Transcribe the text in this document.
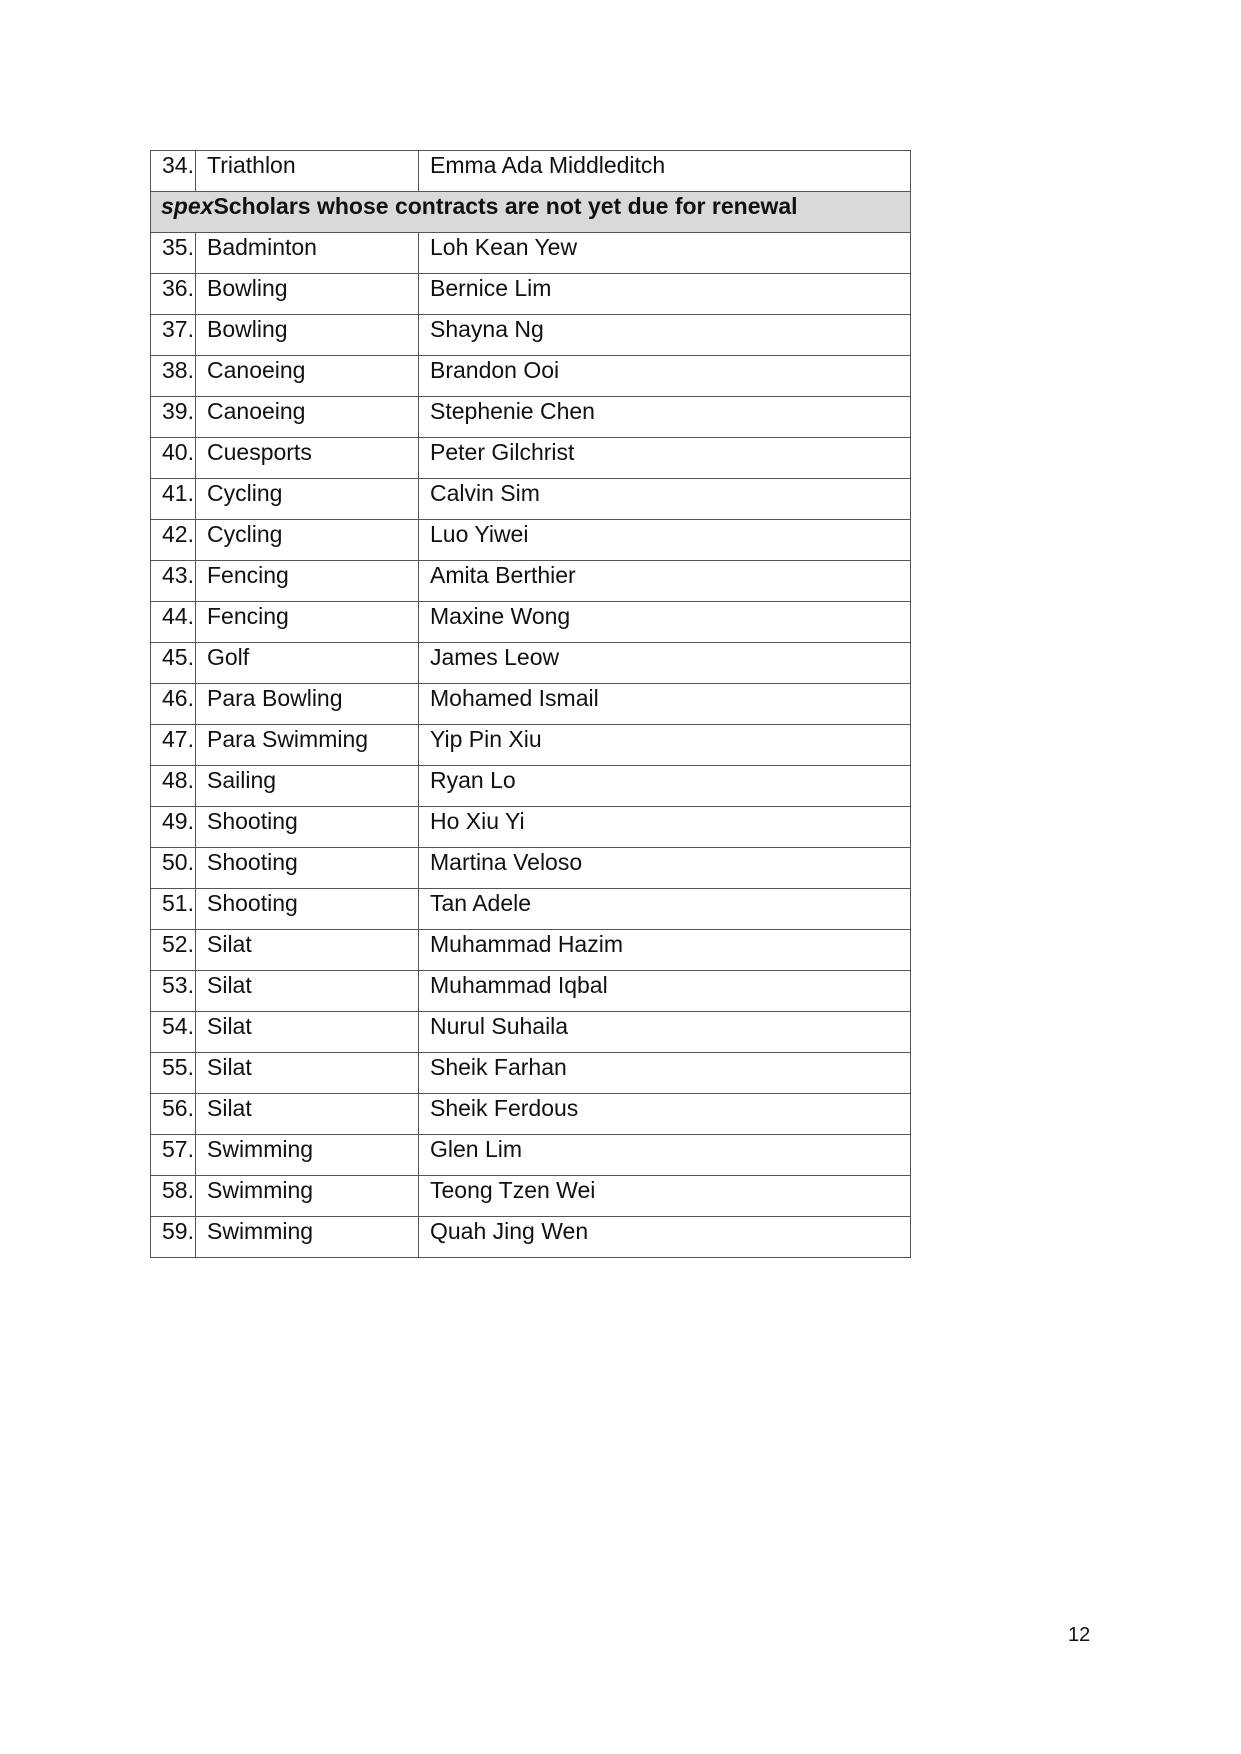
34.	Triathlon	Emma Ada Middleditch
spexScholars whose contracts are not yet due for renewal		
35.	Badminton	Loh Kean Yew
36.	Bowling	Bernice Lim
37.	Bowling	Shayna Ng
38.	Canoeing	Brandon Ooi
39.	Canoeing	Stephenie Chen
40.	Cuesports	Peter Gilchrist
41.	Cycling	Calvin Sim
42.	Cycling	Luo Yiwei
43.	Fencing	Amita Berthier
44.	Fencing	Maxine Wong
45.	Golf	James Leow
46.	Para Bowling	Mohamed Ismail
47.	Para Swimming	Yip Pin Xiu
48.	Sailing	Ryan Lo
49.	Shooting	Ho Xiu Yi
50.	Shooting	Martina Veloso
51.	Shooting	Tan Adele
52.	Silat	Muhammad Hazim
53.	Silat	Muhammad Iqbal
54.	Silat	Nurul Suhaila
55.	Silat	Sheik Farhan
56.	Silat	Sheik Ferdous
57.	Swimming	Glen Lim
58.	Swimming	Teong Tzen Wei
59.	Swimming	Quah Jing Wen
12
